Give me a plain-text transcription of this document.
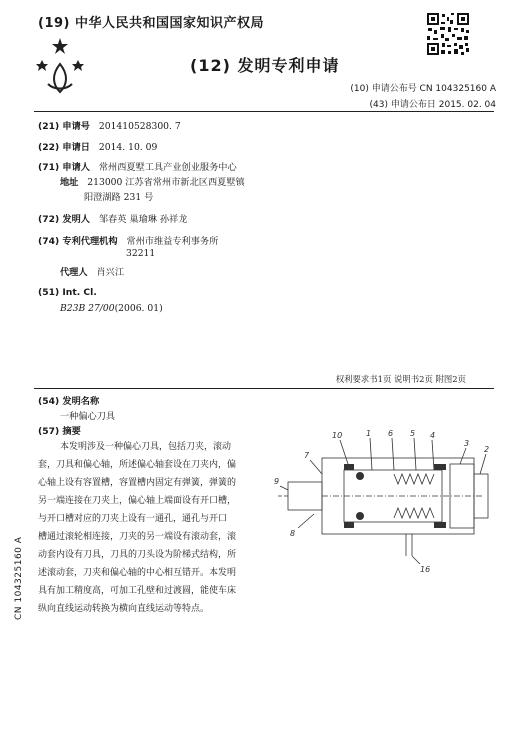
(19) 中华人民共和国国家知识产权局
(12) 发明专利申请
(10) 申请公布号 CN 104325160 A
(43) 申请公布日 2015. 02. 04
(21) 申请号 201410528300. 7
(22) 申请日 2014. 10. 09
(71) 申请人 常州西夏墅工具产业创业服务中心
地址 213000 江苏省常州市新北区西夏墅镇
阳澄湖路 231 号
(72) 发明人 邹春英 巢瑜琳 孙祥龙
(74) 专利代理机构 常州市维益专利事务所
32211
代理人 肖兴江
(51) Int. Cl.
B23B 27/00(2006. 01)
权利要求书1页 说明书2页 附图2页
(54) 发明名称
一种偏心刀具
(57) 摘要
本发明涉及一种偏心刀具，包括刀夹，滚动
套，刀具和偏心轴，所述偏心轴套设在刀夹内，偏
心轴上设有容置槽，容置槽内固定有弹簧，弹簧的
另一端连接在刀夹上，偏心轴上端面设有开口槽，
与开口槽对应的刀夹上设有一通孔，通孔与开口
槽通过滚轮相连接，刀夹的另一端设有滚动套，滚
动套内设有刀具，刀具的刀头设为阶梯式结构，所
述滚动套，刀夹和偏心轴的中心相互错开。本发明
具有加工精度高，可加工孔壁和过渡圆，能使车床
纵向直线运动转换为横向直线运动等特点。
10	1 6 5 4
3
2
7
9
8
16
CN 104325160 A
